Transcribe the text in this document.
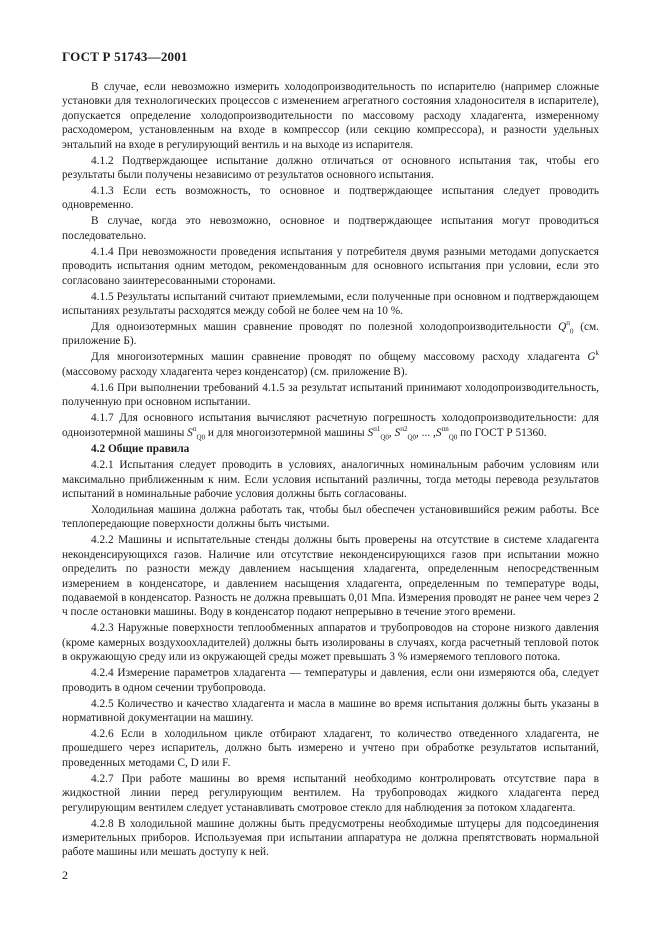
ГОСТ Р 51743—2001

В случае, если невозможно измерить холодопроизводительность по испарителю (например сложные установки для технологических процессов с изменением агрегатного состояния хладоносителя в испарителе), допускается определение холодопроизводительности по массовому расходу хладагента, измеренному расходомером, установленным на входе в компрессор (или секцию компрессора), и разности удельных энтальпий на входе в регулирующий вентиль и на выходе из испарителя.

4.1.2 Подтверждающее испытание должно отличаться от основного испытания так, чтобы его результаты были получены независимо от результатов основного испытания.

4.1.3 Если есть возможность, то основное и подтверждающее испытания следует проводить одновременно.

В случае, когда это невозможно, основное и подтверждающее испытания могут проводиться последовательно.

4.1.4 При невозможности проведения испытания у потребителя двумя разными методами допускается проводить испытания одним методом, рекомендованным для основного испытания при условии, если это согласовано заинтересованными сторонами.

4.1.5 Результаты испытаний считают приемлемыми, если полученные при основном и подтверждающем испытаниях результаты расходятся между собой не более чем на 10 %.

Для одноизотермных машин сравнение проводят по полезной холодопроизводительности $Q^п_0$ (см. приложение Б).

Для многоизотермных машин сравнение проводят по общему массовому расходу хладагента $G^k$ (массовому расходу хладагента через конденсатор) (см. приложение В).

4.1.6 При выполнении требований 4.1.5 за результат испытаний принимают холодопроизводительность, полученную при основном испытании.

4.1.7 Для основного испытания вычисляют расчетную погрешность холодопроизводительности: для одноизотермной машины $S^п_{Q0}$ и для многоизотермной машины $S^{п1}_{Q0}$, $S^{п2}_{Q0}$, ... $,S^{пn}_{Q0}$ по ГОСТ Р 51360.

4.2 Общие правила

4.2.1 Испытания следует проводить в условиях, аналогичных номинальным рабочим условиям или максимально приближенным к ним. Если условия испытаний различны, тогда методы перевода результатов испытаний в номинальные рабочие условия должны быть согласованы.

Холодильная машина должна работать так, чтобы был обеспечен установившийся режим работы. Все теплопередающие поверхности должны быть чистыми.

4.2.2 Машины и испытательные стенды должны быть проверены на отсутствие в системе хладагента неконденсирующихся газов. Наличие или отсутствие неконденсирующихся газов при испытании можно определить по разности между давлением насыщения хладагента, определенным непосредственным измерением в конденсаторе, и давлением насыщения хладагента, определенным по температуре воды, подаваемой в конденсатор. Разность не должна превышать 0,01 Мпа. Измерения проводят не ранее чем через 2 ч после остановки машины. Воду в конденсатор подают непрерывно в течение этого времени.

4.2.3 Наружные поверхности теплообменных аппаратов и трубопроводов на стороне низкого давления (кроме камерных воздухоохладителей) должны быть изолированы в случаях, когда расчетный тепловой поток в окружающую среду или из окружающей среды может превышать 3 % измеряемого теплового потока.

4.2.4 Измерение параметров хладагента — температуры и давления, если они измеряются оба, следует проводить в одном сечении трубопровода.

4.2.5 Количество и качество хладагента и масла в машине во время испытания должны быть указаны в нормативной документации на машину.

4.2.6 Если в холодильном цикле отбирают хладагент, то количество отведенного хладагента, не прошедшего через испаритель, должно быть измерено и учтено при обработке результатов испытаний, проведенных методами С, D или F.

4.2.7 При работе машины во время испытаний необходимо контролировать отсутствие пара в жидкостной линии перед регулирующим вентилем. На трубопроводах жидкого хладагента перед регулирующим вентилем следует устанавливать смотровое стекло для наблюдения за потоком хладагента.

4.2.8 В холодильной машине должны быть предусмотрены необходимые штуцеры для подсоединения измерительных приборов. Используемая при испытании аппаратура не должна препятствовать нормальной работе машины или мешать доступу к ней.

2
